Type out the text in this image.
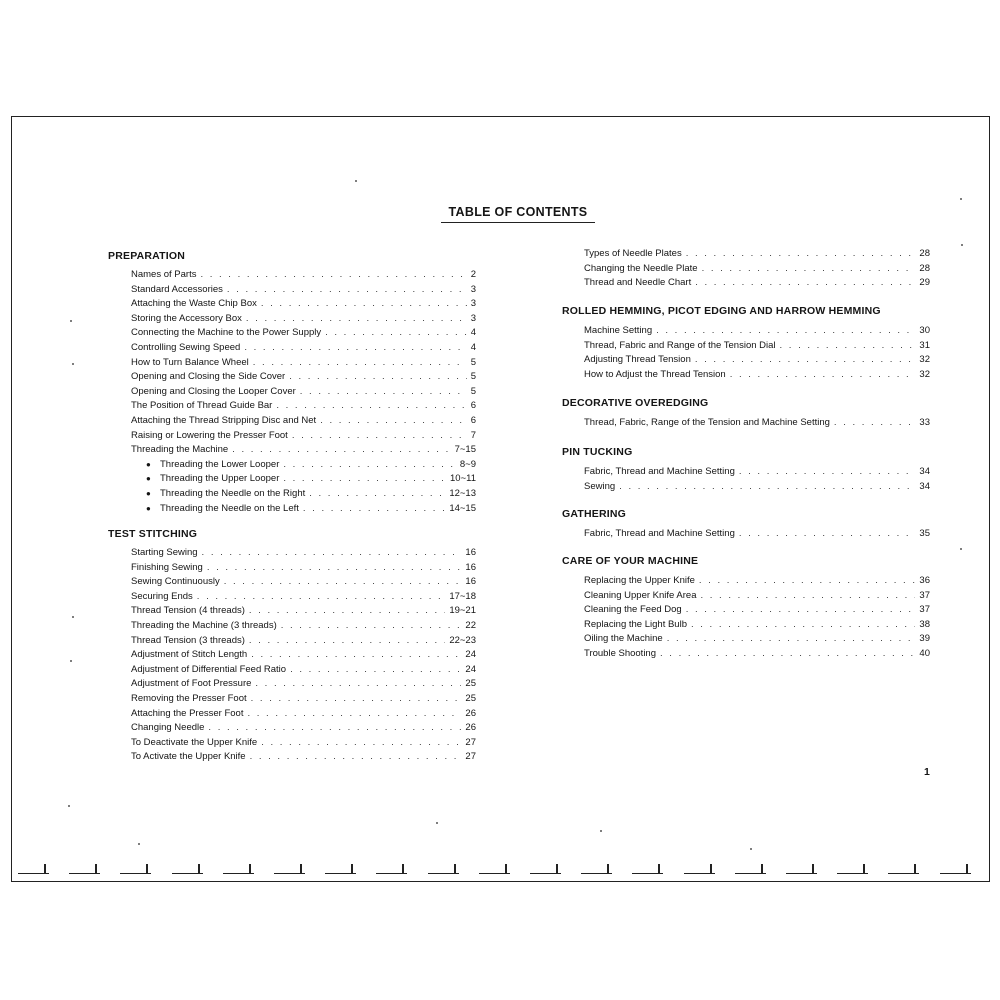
TABLE OF CONTENTS
PREPARATION
Names of Parts . . .	2
Standard Accessories . . .	3
Attaching the Waste Chip Box . . .	3
Storing the Accessory Box . . .	3
Connecting the Machine to the Power Supply . . .	4
Controlling Sewing Speed . . .	4
How to Turn Balance Wheel . . .	5
Opening and Closing the Side Cover . . .	5
Opening and Closing the Looper Cover . . .	5
The Position of Thread Guide Bar . . .	6
Attaching the Thread Stripping Disc and Net . . .	6
Raising or Lowering the Presser Foot . . .	7
Threading the Machine . . .	7~15
● Threading the Lower Looper . . .	8~9
● Threading the Upper Looper . . .	10~11
● Threading the Needle on the Right . . .	12~13
● Threading the Needle on the Left . . .	14~15
TEST STITCHING
Starting Sewing . . .	16
Finishing Sewing . . .	16
Sewing Continuously . . .	16
Securing Ends . . .	17~18
Thread Tension (4 threads) . . .	19~21
Threading the Machine (3 threads) . . .	22
Thread Tension (3 threads) . . .	22~23
Adjustment of Stitch Length . . .	24
Adjustment of Differential Feed Ratio . . .	24
Adjustment of Foot Pressure . . .	25
Removing the Presser Foot . . .	25
Attaching the Presser Foot . . .	26
Changing Needle . . .	26
To Deactivate the Upper Knife . . .	27
To Activate the Upper Knife . . .	27
Types of Needle Plates . . .	28
Changing the Needle Plate . . .	28
Thread and Needle Chart . . .	29
ROLLED HEMMING, PICOT EDGING AND HARROW HEMMING
Machine Setting . . .	30
Thread, Fabric and Range of the Tension Dial . . .	31
Adjusting Thread Tension . . .	32
How to Adjust the Thread Tension . . .	32
DECORATIVE OVEREDGING
Thread, Fabric, Range of the Tension and Machine Setting . . .	33
PIN TUCKING
Fabric, Thread and Machine Setting . . .	34
Sewing . . .	34
GATHERING
Fabric, Thread and Machine Setting . . .	35
CARE OF YOUR MACHINE
Replacing the Upper Knife . . .	36
Cleaning Upper Knife Area . . .	37
Cleaning the Feed Dog . . .	37
Replacing the Light Bulb . . .	38
Oiling the Machine . . .	39
Trouble Shooting . . .	40
1
